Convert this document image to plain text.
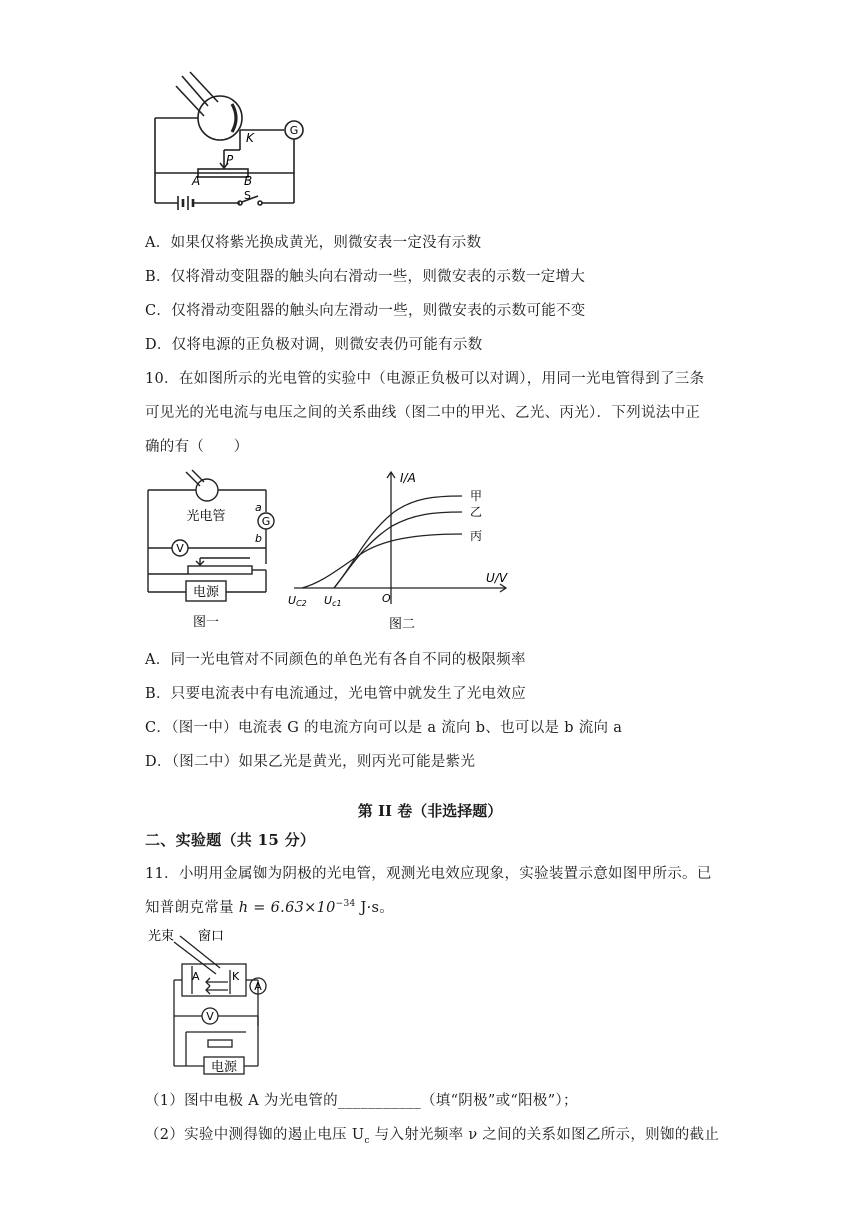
G
K
P
A	B
S
A．如果仅将紫光换成黄光，则微安表一定没有示数
B．仅将滑动变阻器的触头向右滑动一些，则微安表的示数一定增大
C．仅将滑动变阻器的触头向左滑动一些，则微安表的示数可能不变
D．仅将电源的正负极对调，则微安表仍可能有示数
10．在如图所示的光电管的实验中（电源正负极可以对调），用同一光电管得到了三条
可见光的光电流与电压之间的关系曲线（图二中的甲光、乙光、丙光）．下列说法中正
确的有（　　）
光电管	G
a
b
V
电源
图一
I/A
U/V
甲
乙
丙
UC2 Uc1	O
图二
A．同一光电管对不同颜色的单色光有各自不同的极限频率
B．只要电流表中有电流通过，光电管中就发生了光电效应
C．（图一中）电流表 G 的电流方向可以是 a 流向 b、也可以是 b 流向 a
D．（图二中）如果乙光是黄光，则丙光可能是紫光
第 II 卷（非选择题）
二、实验题（共 15 分）
11．小明用金属铷为阴极的光电管，观测光电效应现象，实验装置示意如图甲所示。已
知普朗克常量 $h = 6.63\times 10^{-34}$ J·s。
光束 窗口
A	K
A
V
电源
（1）图中电极 A 为光电管的___________（填“阴极”或“阳极”）；
（2）实验中测得铷的遏止电压 $U_c$ 与入射光频率 ν 之间的关系如图乙所示，则铷的截止
